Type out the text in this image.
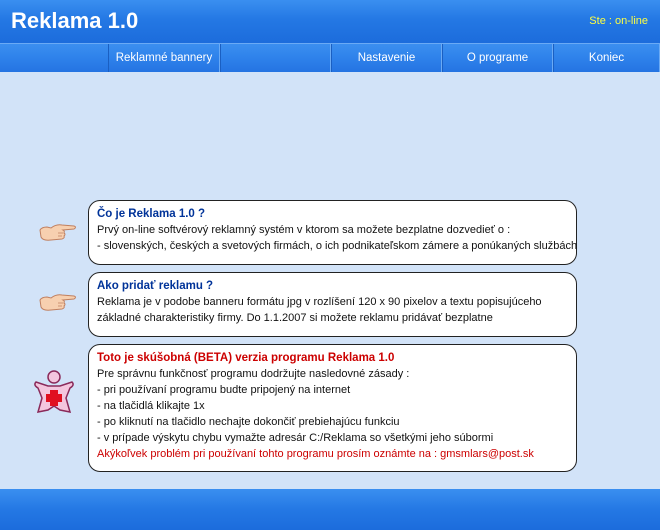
Reklama 1.0	Ste : on-line
Reklamné bannery	Nastavenie	O programe	Koniec
Čo je Reklama 1.0 ?
Prvý on-line softvérový reklamný systém v ktorom sa možete bezplatne dozvedieť o :
- slovenských, českých a svetových firmách, o ich podnikateľskom zámere a ponúkaných službách
Ako pridať reklamu ?
Reklama je v podobe banneru formátu jpg v rozlíšení 120 x 90 pixelov a textu popisujúceho
základné charakteristiky firmy. Do 1.1.2007 si možete reklamu pridávať bezplatne
Toto je skúšobná (BETA) verzia programu Reklama 1.0
Pre správnu funkčnosť programu dodržujte nasledovné zásady :
- pri používaní programu budte pripojený na internet
- na tlačidlá klikajte 1x
- po kliknutí na tlačidlo nechajte dokončiť prebiehajúcu funkciu
- v prípade výskytu chybu vymažte adresár C:/Reklama so všetkými jeho súbormi
Akýkoľvek problém pri používaní tohto programu prosím oznámte na : gmsmlars@post.sk
